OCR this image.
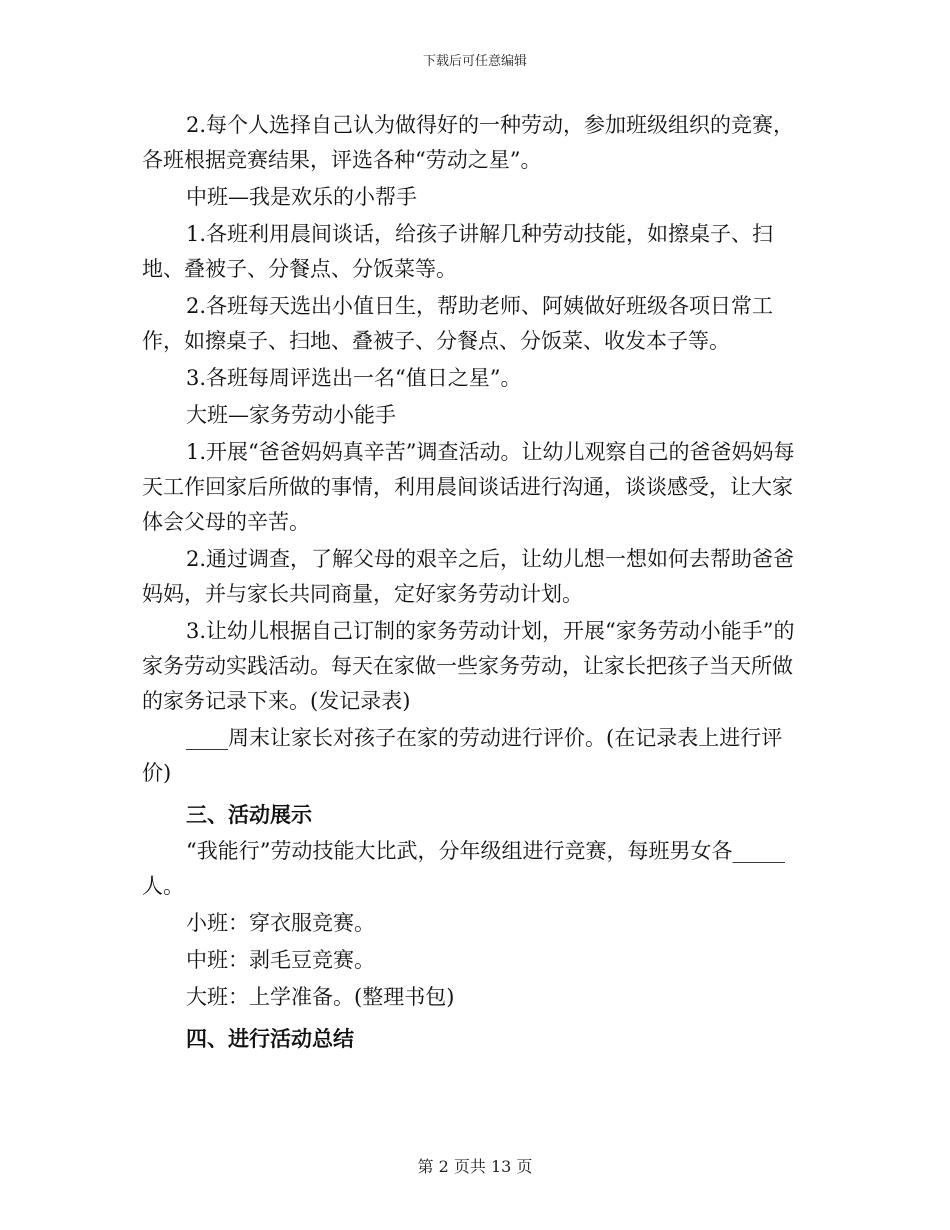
下载后可任意编辑

2.每个人选择自己认为做得好的一种劳动，参加班级组织的竞赛，各班根据竞赛结果，评选各种“劳动之星”。

中班—我是欢乐的小帮手

1.各班利用晨间谈话，给孩子讲解几种劳动技能，如擦桌子、扫地、叠被子、分餐点、分饭菜等。

2.各班每天选出小值日生，帮助老师、阿姨做好班级各项日常工作，如擦桌子、扫地、叠被子、分餐点、分饭菜、收发本子等。

3.各班每周评选出一名“值日之星”。

大班—家务劳动小能手

1.开展“爸爸妈妈真辛苦”调查活动。让幼儿观察自己的爸爸妈妈每天工作回家后所做的事情，利用晨间谈话进行沟通，谈谈感受，让大家体会父母的辛苦。

2.通过调查，了解父母的艰辛之后，让幼儿想一想如何去帮助爸爸妈妈，并与家长共同商量，定好家务劳动计划。

3.让幼儿根据自己订制的家务劳动计划，开展“家务劳动小能手”的家务劳动实践活动。每天在家做一些家务劳动，让家长把孩子当天所做的家务记录下来。(发记录表)

____周末让家长对孩子在家的劳动进行评价。(在记录表上进行评价)

三、活动展示

“我能行”劳动技能大比武，分年级组进行竞赛，每班男女各_____人。

小班：穿衣服竞赛。

中班：剥毛豆竞赛。

大班：上学准备。(整理书包)

四、进行活动总结

第 2 页共 13 页
